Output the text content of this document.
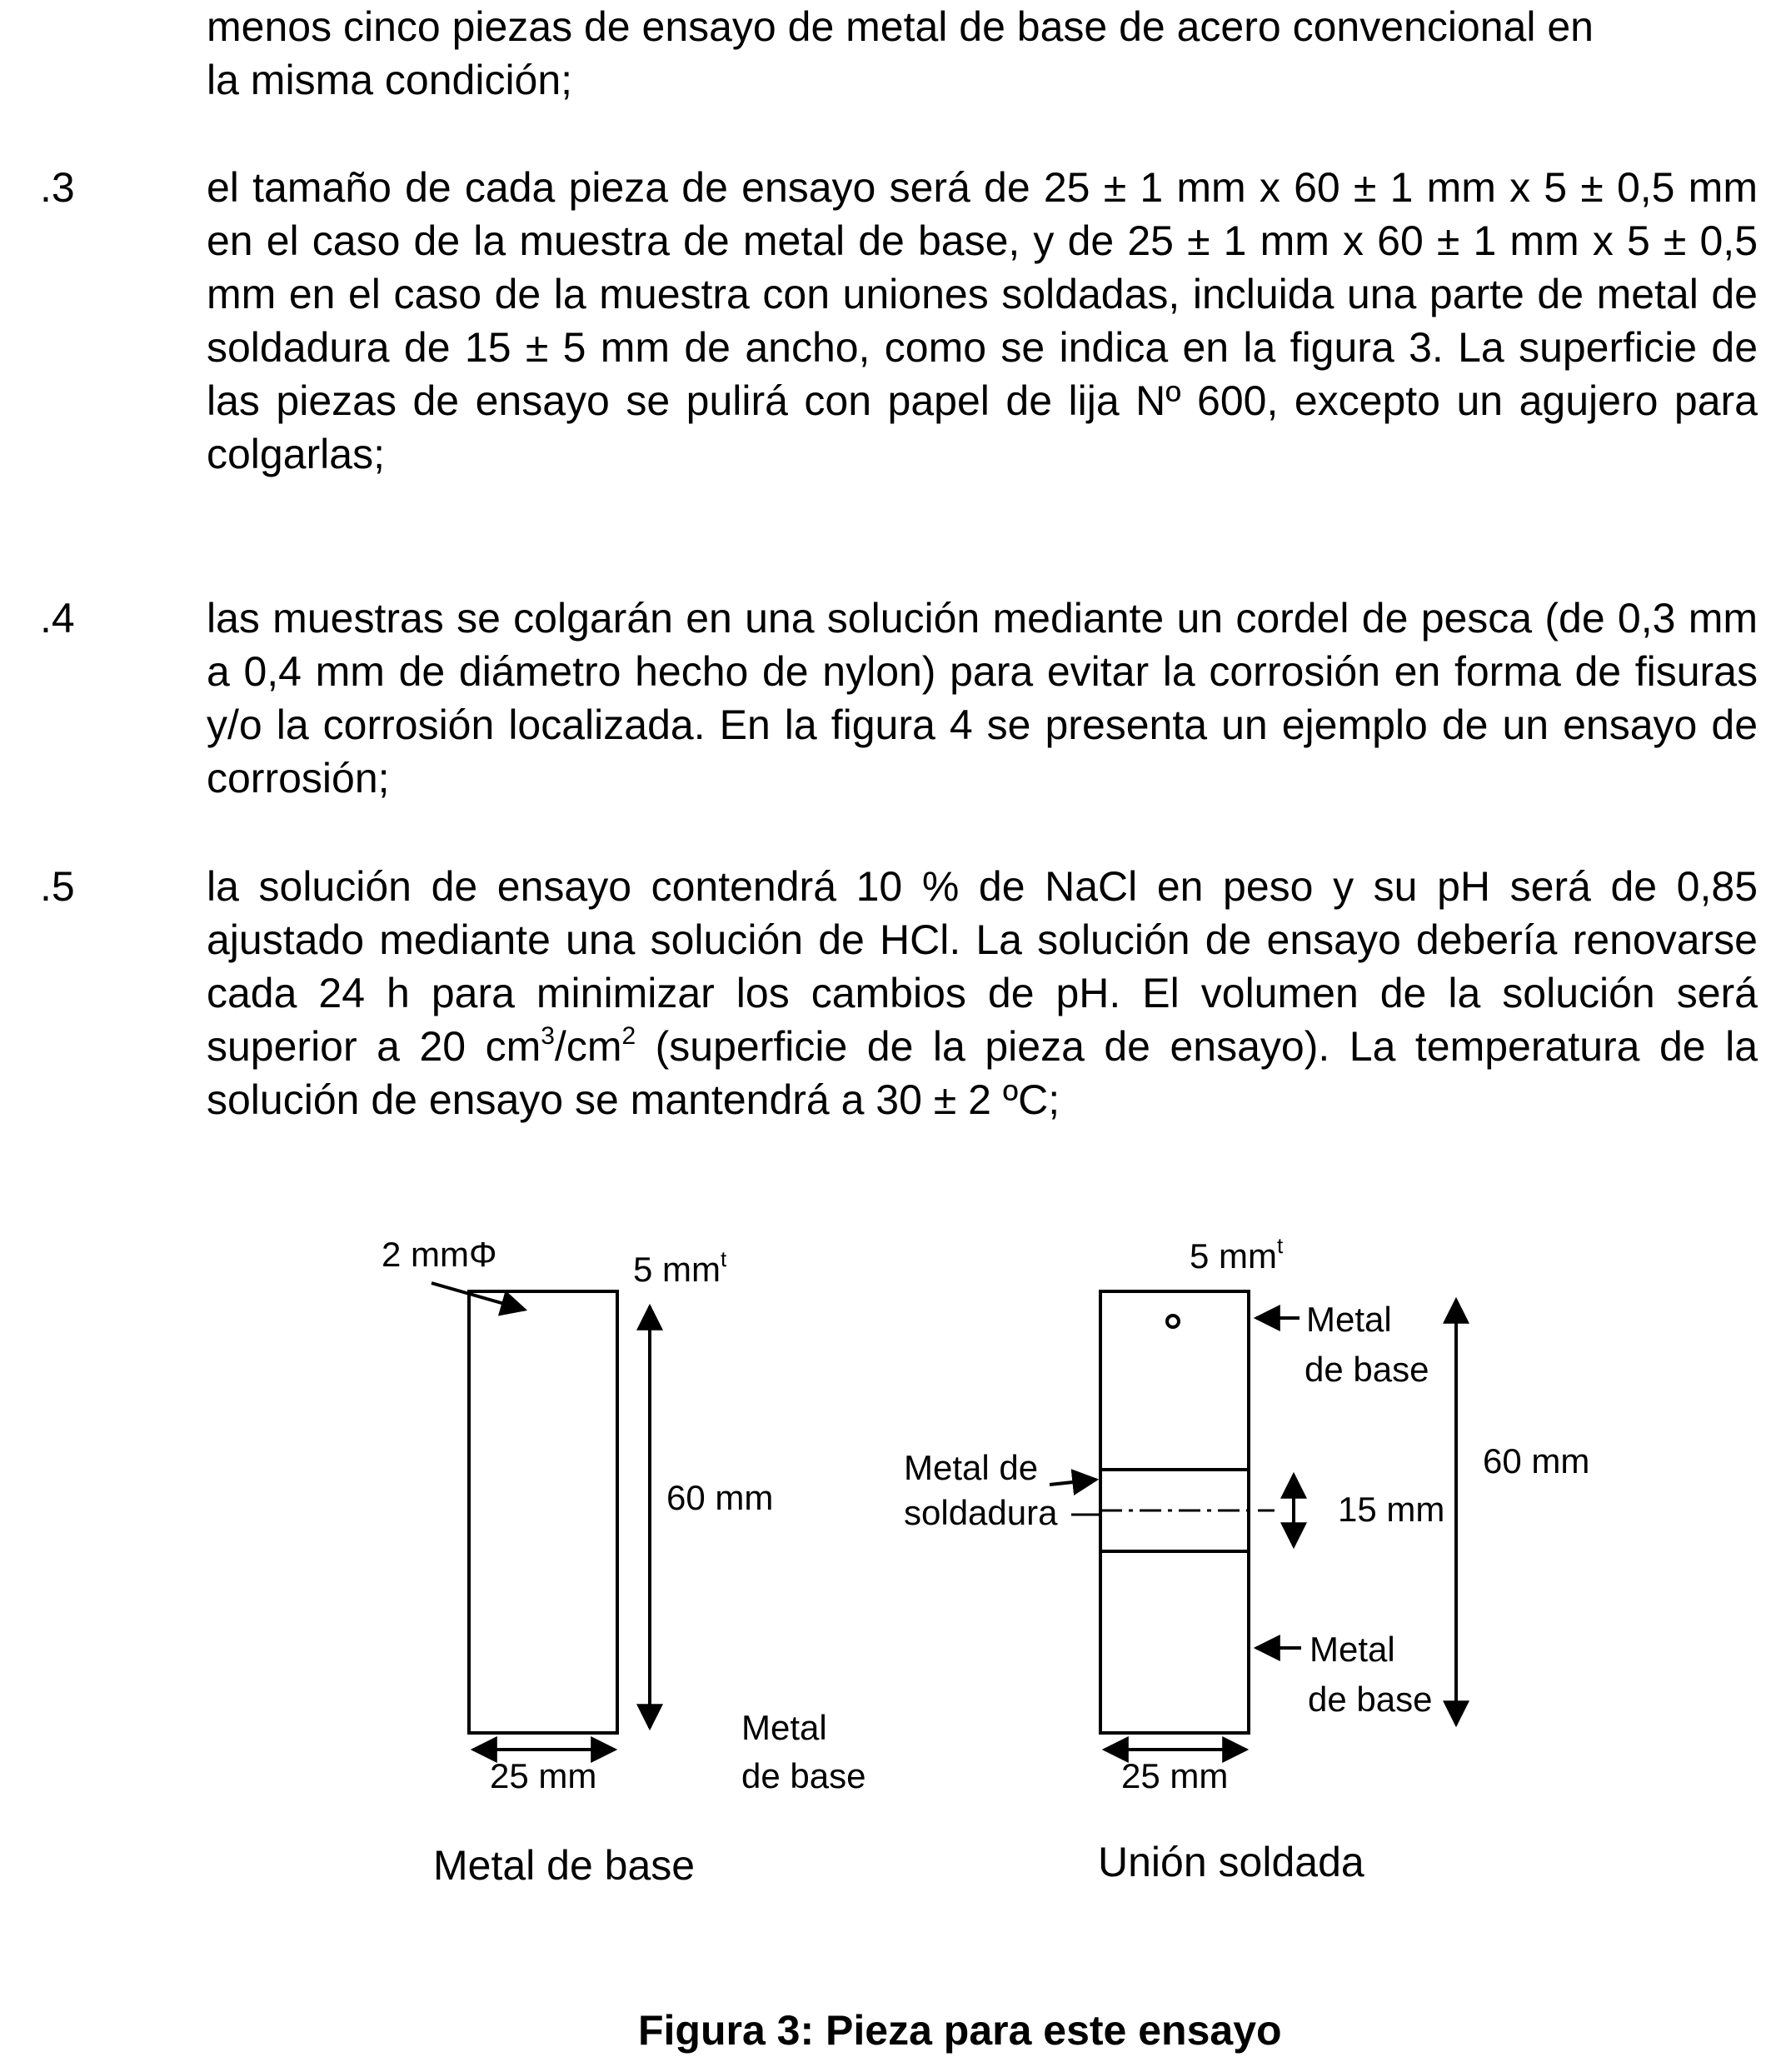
menos cinco piezas de ensayo de metal de base de acero convencional en
la misma condición;

.3	el tamaño de cada pieza de ensayo será de 25 ± 1 mm x 60 ± 1 mm x 5 ± 0,5 mm en el caso de la muestra de metal de base, y de 25 ± 1 mm x 60 ± 1 mm x 5 ± 0,5 mm en el caso de la muestra con uniones soldadas, incluida una parte de metal de soldadura de 15 ± 5 mm de ancho, como se indica en la figura 3. La superficie de las piezas de ensayo se pulirá con papel de lija Nº 600, excepto un agujero para colgarlas;

.4	las muestras se colgarán en una solución mediante un cordel de pesca (de 0,3 mm a 0,4 mm de diámetro hecho de nylon) para evitar la corrosión en forma de fisuras y/o la corrosión localizada. En la figura 4 se presenta un ejemplo de un ensayo de corrosión;

.5	la solución de ensayo contendrá 10 % de NaCl en peso y su pH será de 0,85 ajustado mediante una solución de HCl. La solución de ensayo debería renovarse cada 24 h para minimizar los cambios de pH. El volumen de la solución será superior a 20 $cm^3/cm^2$ (superficie de la pieza de ensayo). La temperatura de la solución de ensayo se mantendrá a 30 ± 2 ºC;

2 mmΦ	5 $mm^t$
60 mm
25 mm
Metal
de base
Metal de base
5 $mm^t$
Metal
de base
Metal de
soldadura	15 mm
60 mm
Metal
de base
25 mm
Unión soldada
Figura 3: Pieza para este ensayo
